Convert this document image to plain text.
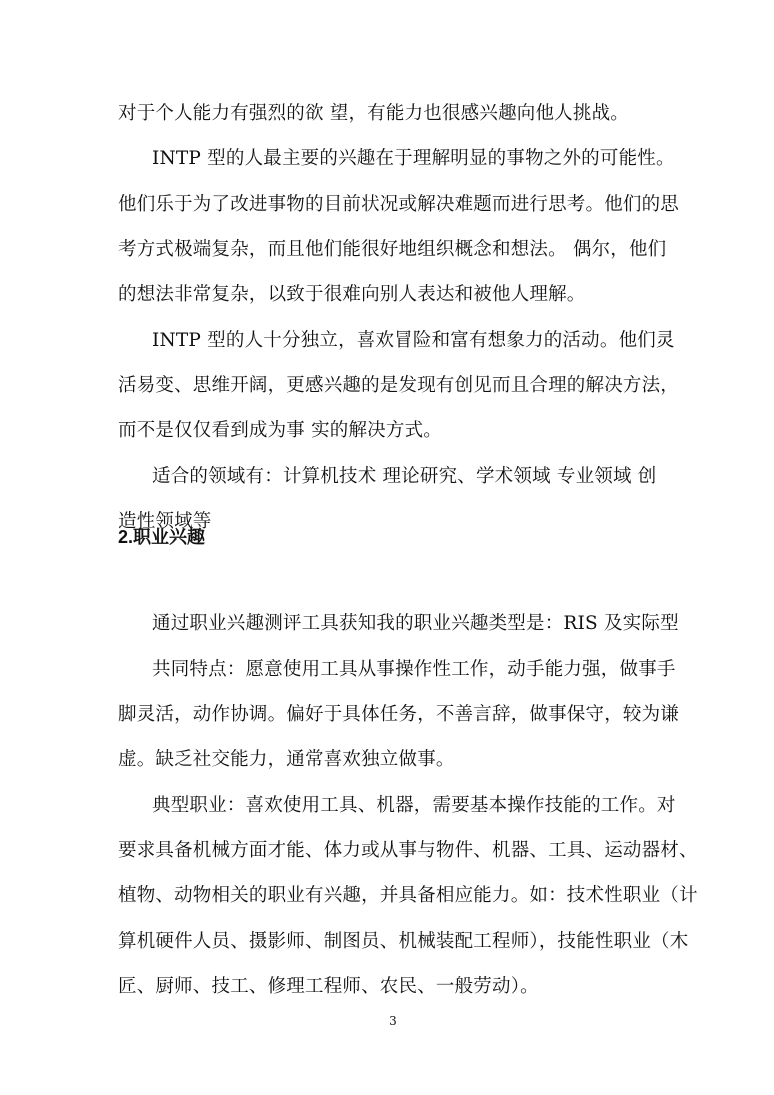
对于个人能力有强烈的欲 望，有能力也很感兴趣向他人挑战。
INTP 型的人最主要的兴趣在于理解明显的事物之外的可能性。
他们乐于为了改进事物的目前状况或解决难题而进行思考。他们的思
考方式极端复杂，而且他们能很好地组织概念和想法。 偶尔，他们
的想法非常复杂，以致于很难向别人表达和被他人理解。
INTP 型的人十分独立，喜欢冒险和富有想象力的活动。他们灵
活易变、思维开阔，更感兴趣的是发现有创见而且合理的解决方法，
而不是仅仅看到成为事 实的解决方式。
适合的领域有：计算机技术 理论研究、学术领域 专业领域 创
造性领域等
2.职业兴趣
通过职业兴趣测评工具获知我的职业兴趣类型是：RIS 及实际型
共同特点：愿意使用工具从事操作性工作，动手能力强，做事手
脚灵活，动作协调。偏好于具体任务，不善言辞，做事保守，较为谦
虚。缺乏社交能力，通常喜欢独立做事。
典型职业：喜欢使用工具、机器，需要基本操作技能的工作。对
要求具备机械方面才能、体力或从事与物件、机器、工具、运动器材、
植物、动物相关的职业有兴趣，并具备相应能力。如：技术性职业（计
算机硬件人员、摄影师、制图员、机械装配工程师），技能性职业（木
匠、厨师、技工、修理工程师、农民、一般劳动）。
3
